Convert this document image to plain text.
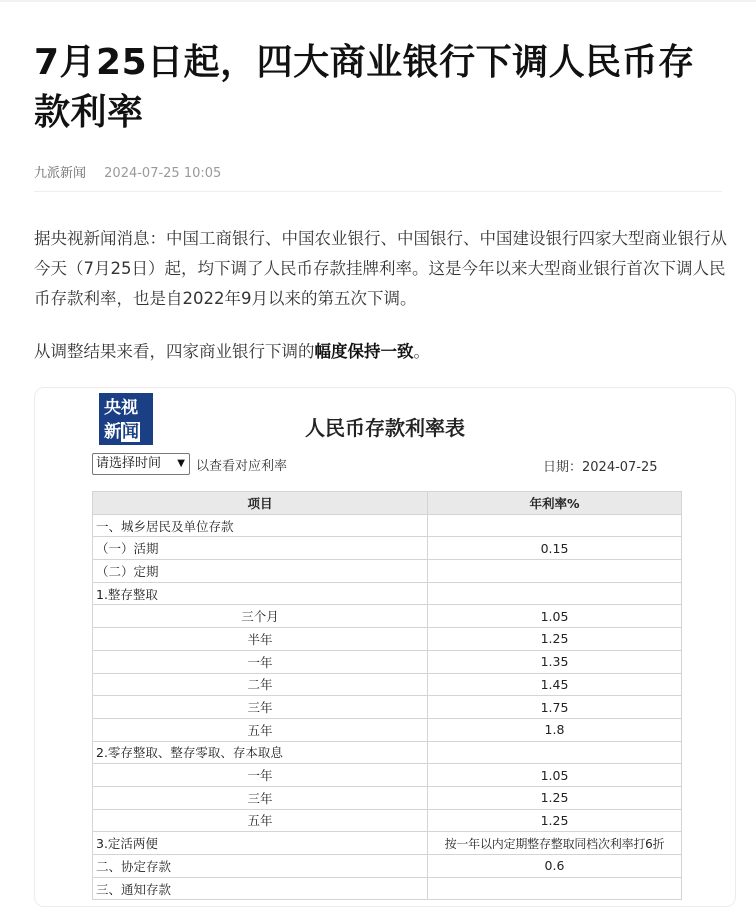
7月25日起，四大商业银行下调人民币存款利率
九派新闻 2024-07-25 10:05

据央视新闻消息：中国工商银行、中国农业银行、中国银行、中国建设银行四家大型商业银行从今天（7月25日）起，均下调了人民币存款挂牌利率。这是今年以来大型商业银行首次下调人民币存款利率，也是自2022年9月以来的第五次下调。

从调整结果来看，四家商业银行下调的幅度保持一致。

央视
新闻	人民币存款利率表
请选择时间 ▼ 以查看对应利率	日期：2024-07-25
项目	年利率%
一、城乡居民及单位存款	
（一）活期	0.15
（二）定期	
1.整存整取	
三个月	1.05
半年	1.25
一年	1.35
二年	1.45
三年	1.75
五年	1.8
2.零存整取、整存零取、存本取息	
一年	1.05
三年	1.25
五年	1.25
3.定活两便	按一年以内定期整存整取同档次利率打6折
二、协定存款	0.6
三、通知存款	
